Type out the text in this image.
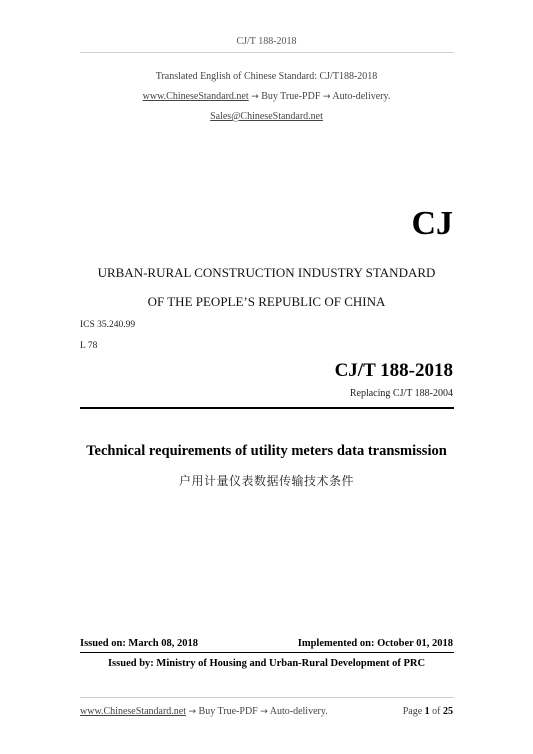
CJ/T 188-2018
Translated English of Chinese Standard: CJ/T188-2018
www.ChineseStandard.net → Buy True-PDF → Auto-delivery.
Sales@ChineseStandard.net
CJ
URBAN-RURAL CONSTRUCTION INDUSTRY STANDARD
OF THE PEOPLE’S REPUBLIC OF CHINA
ICS 35.240.99
L 78
CJ/T 188-2018
Replacing CJ/T 188-2004
Technical requirements of utility meters data transmission
户用计量仪表数据传输技术条件
Issued on: March 08, 2018	Implemented on: October 01, 2018
Issued by: Ministry of Housing and Urban-Rural Development of PRC
www.ChineseStandard.net → Buy True-PDF → Auto-delivery.	Page 1 of 25
